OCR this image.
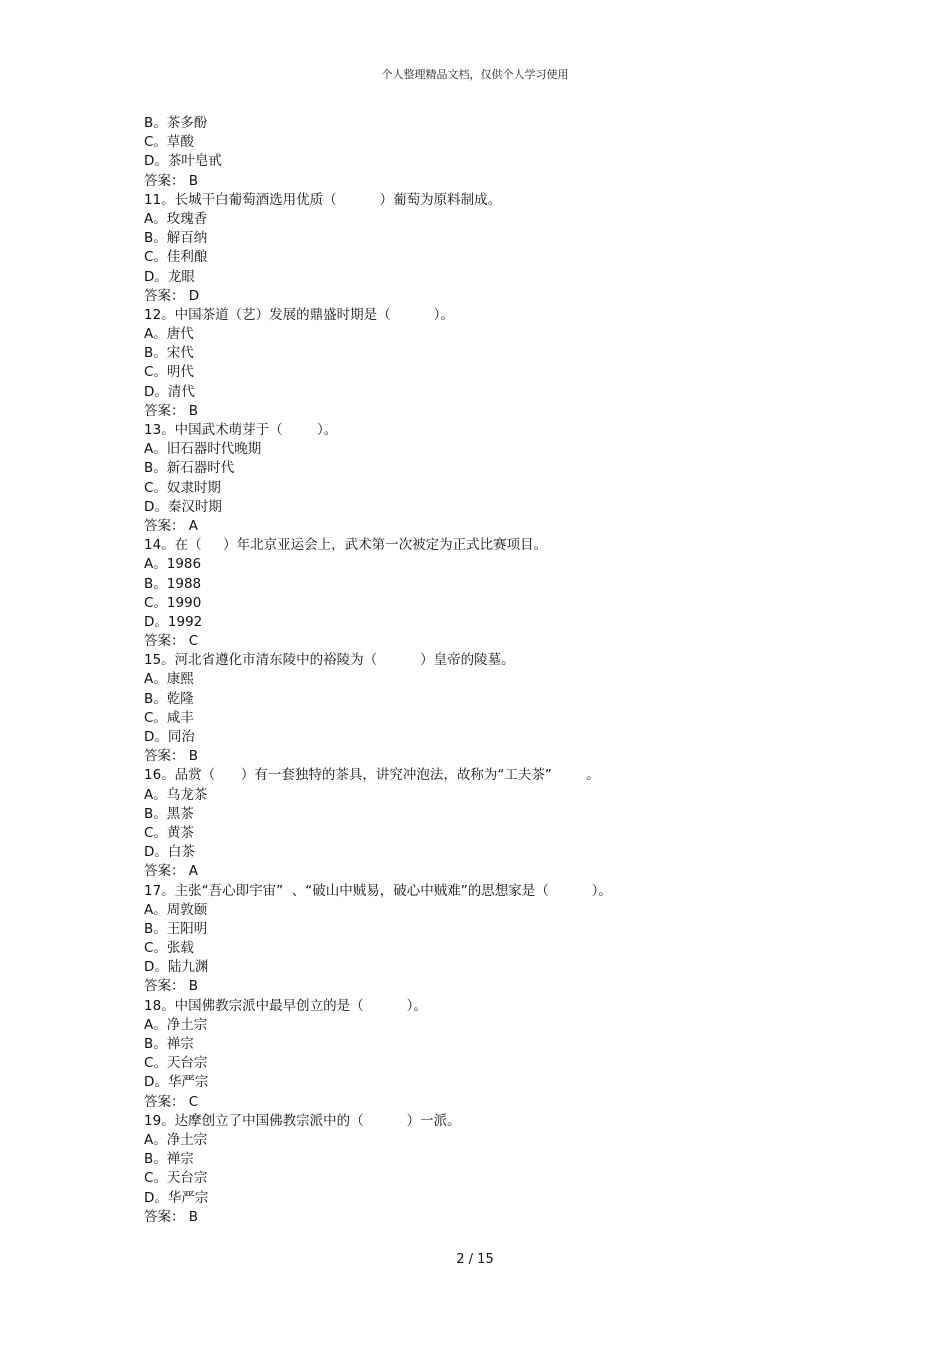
个人整理精品文档，仅供个人学习使用
B。茶多酚
C。草酸
D。茶叶皂甙
答案： B
11。长城干白葡萄酒选用优质（          ）葡萄为原料制成。
A。玫瑰香
B。解百纳
C。佳利酿
D。龙眼
答案： D
12。中国茶道（艺）发展的鼎盛时期是（          ）。
A。唐代
B。宋代
C。明代
D。清代
答案： B
13。中国武术萌芽于（        ）。
A。旧石器时代晚期
B。新石器时代
C。奴隶时期
D。秦汉时期
答案： A
14。在（     ）年北京亚运会上，武术第一次被定为正式比赛项目。
A。1986
B。1988
C。1990
D。1992
答案： C
15。河北省遵化市清东陵中的裕陵为（          ）皇帝的陵墓。
A。康熙
B。乾隆
C。咸丰
D。同治
答案： B
16。品赏（      ）有一套独特的茶具，讲究冲泡法，故称为“工夫茶”        。
A。乌龙茶
B。黑茶
C。黄茶
D。白茶
答案： A
17。主张“吾心即宇宙”  、“破山中贼易，破心中贼难”的思想家是（          ）。
A。周敦颐
B。王阳明
C。张载
D。陆九渊
答案： B
18。中国佛教宗派中最早创立的是（          ）。
A。净土宗
B。禅宗
C。天台宗
D。华严宗
答案： C
19。达摩创立了中国佛教宗派中的（          ）一派。
A。净土宗
B。禅宗
C。天台宗
D。华严宗
答案： B
2 / 15
